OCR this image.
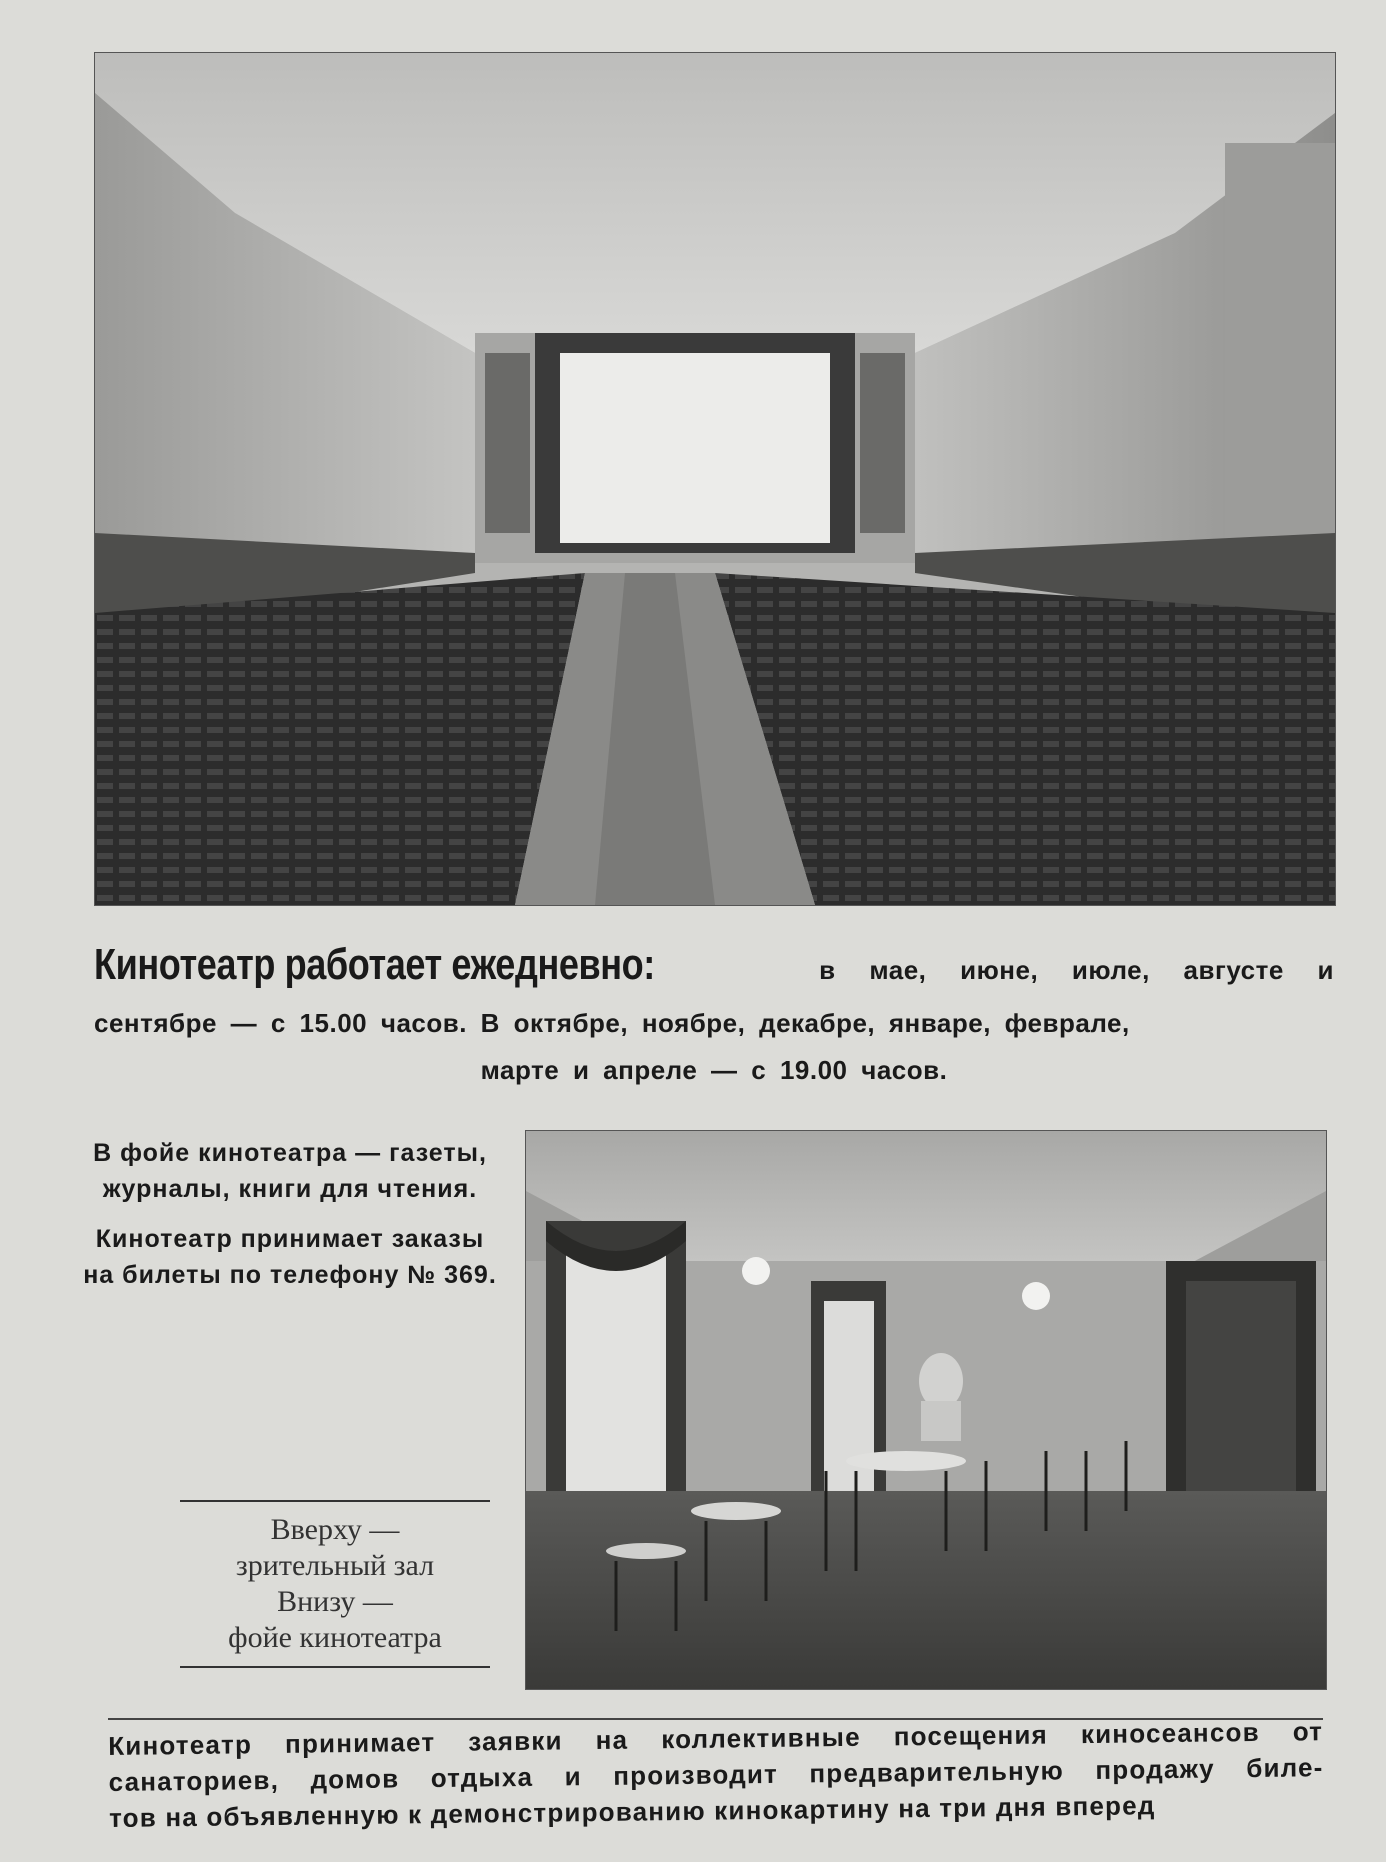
Кинотеатр работает ежедневно:	в мае, июне, июле, августе и
сентябре — с 15.00 часов. В октябре, ноябре, декабре, январе, феврале,
марте и апреле — с 19.00 часов.

В фойе кинотеатра — газеты, журналы, книги для чтения.

Кинотеатр принимает заказы на билеты по телефону № 369.

Вверху —
зрительный зал
Внизу —
фойе кинотеатра

Кинотеатр принимает заявки на коллективные посещения киносеансов от

санаториев, домов отдыха и производит предварительную продажу биле-

тов на объявленную к демонстрированию кинокартину на три дня вперед
